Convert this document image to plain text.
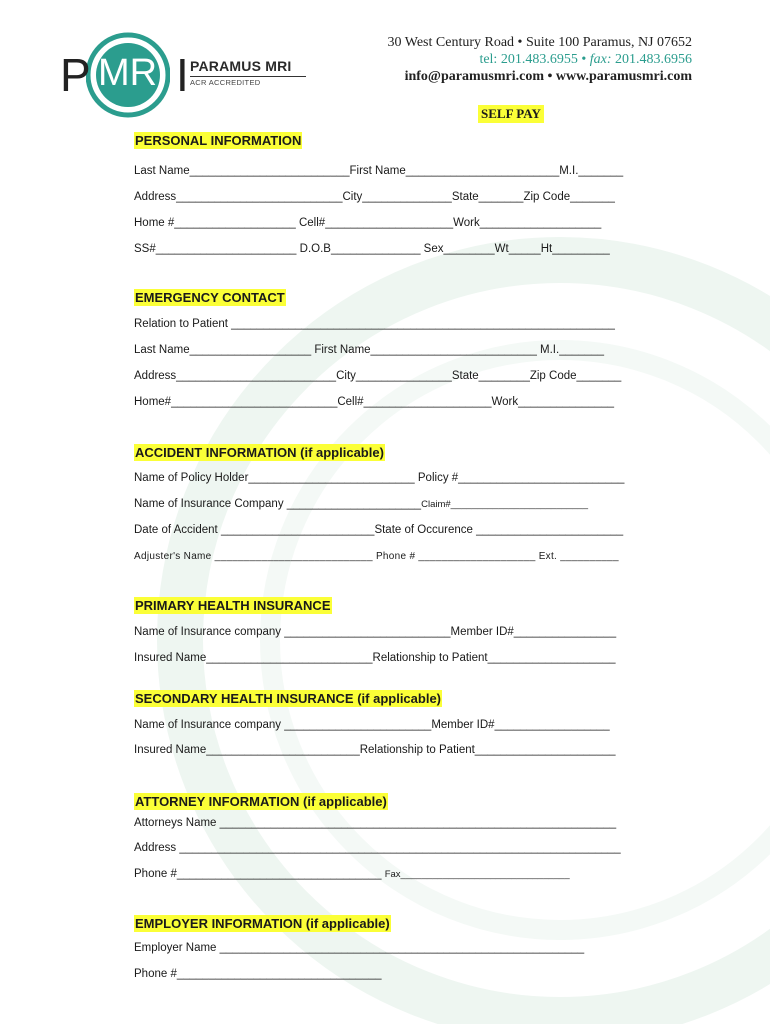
P MR I PARAMUS MRI
ACR ACCREDITED
30 West Century Road • Suite 100 Paramus, NJ 07652
tel: 201.483.6955 • fax: 201.483.6956
info@paramusmri.com • www.paramusmri.com
SELF PAY
PERSONAL INFORMATION
Last Name_________________________First Name________________________M.I._______
Address__________________________City______________State_______Zip Code_______
Home #___________________ Cell#____________________Work___________________
SS#______________________ D.O.B______________ Sex________Wt_____Ht_________
EMERGENCY CONTACT
Relation to Patient ____________________________________________________________
Last Name___________________ First Name__________________________ M.I._______
Address_________________________City_______________State________Zip Code_______
Home#__________________________Cell#____________________Work_______________
ACCIDENT INFORMATION (if applicable)
Name of Policy Holder__________________________ Policy #__________________________
Name of Insurance Company _____________________Claim#__________________________
Date of Accident ________________________State of Occurence _______________________
Adjuster's Name ___________________________ Phone # ____________________ Ext. __________
PRIMARY HEALTH INSURANCE
Name of Insurance company __________________________Member ID#________________
Insured Name__________________________Relationship to Patient____________________
SECONDARY HEALTH INSURANCE (if applicable)
Name of Insurance company _______________________Member ID#__________________
Insured Name________________________Relationship to Patient______________________
ATTORNEY INFORMATION (if applicable)
Attorneys Name ______________________________________________________________
Address _____________________________________________________________________
Phone #________________________________ Fax________________________________
EMPLOYER INFORMATION (if applicable)
Employer Name _________________________________________________________
Phone #________________________________
